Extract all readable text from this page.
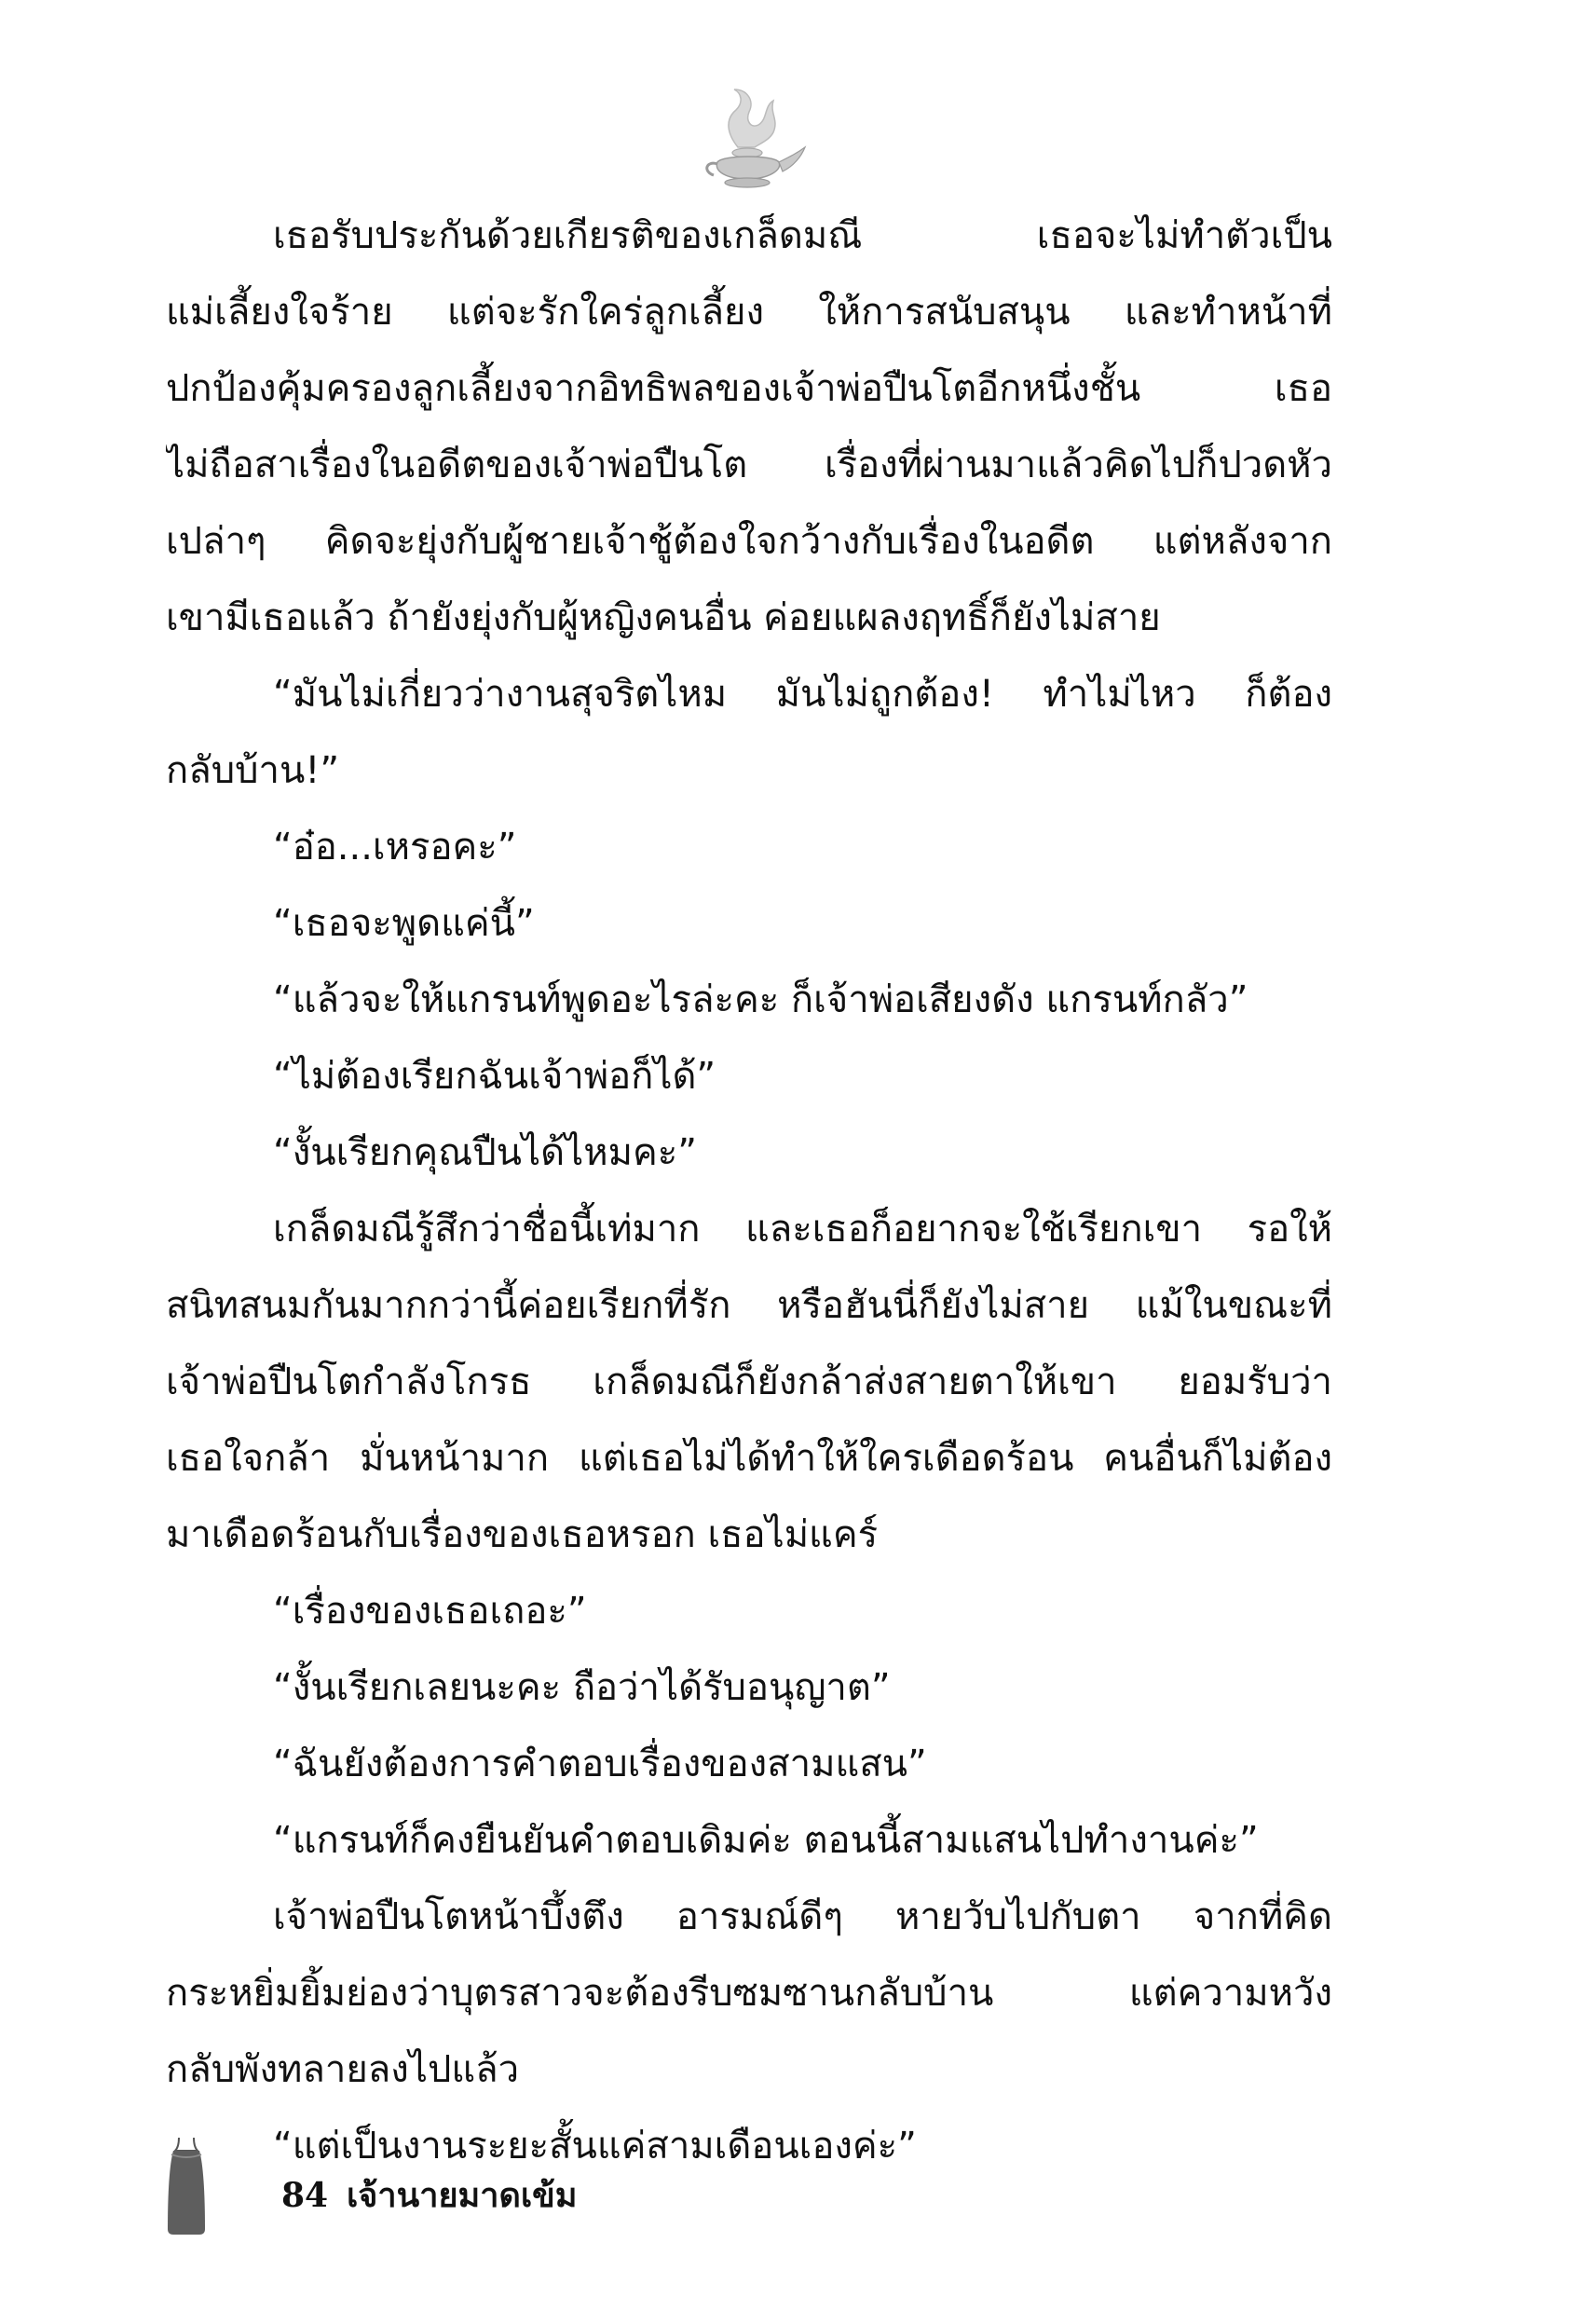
เธอรับประกันด้วยเกียรติของเกล็ดมณี เธอจะไม่ทำตัวเป็น
แม่เลี้ยงใจร้าย แต่จะรักใคร่ลูกเลี้ยง ให้การสนับสนุน และทำหน้าที่
ปกป้องคุ้มครองลูกเลี้ยงจากอิทธิพลของเจ้าพ่อปืนโตอีกหนึ่งชั้น เธอ
ไม่ถือสาเรื่องในอดีตของเจ้าพ่อปืนโต เรื่องที่ผ่านมาแล้วคิดไปก็ปวดหัว
เปล่าๆ คิดจะยุ่งกับผู้ชายเจ้าชู้ต้องใจกว้างกับเรื่องในอดีต แต่หลังจาก
เขามีเธอแล้ว ถ้ายังยุ่งกับผู้หญิงคนอื่น ค่อยแผลงฤทธิ์ก็ยังไม่สาย
“มันไม่เกี่ยวว่างานสุจริตไหม มันไม่ถูกต้อง! ทำไม่ไหว ก็ต้อง
กลับบ้าน!”
“อ๋อ...เหรอคะ”
“เธอจะพูดแค่นี้”
“แล้วจะให้แกรนท์พูดอะไรล่ะคะ ก็เจ้าพ่อเสียงดัง แกรนท์กลัว”
“ไม่ต้องเรียกฉันเจ้าพ่อก็ได้”
“งั้นเรียกคุณปืนได้ไหมคะ”
เกล็ดมณีรู้สึกว่าชื่อนี้เท่มาก และเธอก็อยากจะใช้เรียกเขา รอให้
สนิทสนมกันมากกว่านี้ค่อยเรียกที่รัก หรือฮันนี่ก็ยังไม่สาย แม้ในขณะที่
เจ้าพ่อปืนโตกำลังโกรธ เกล็ดมณีก็ยังกล้าส่งสายตาให้เขา ยอมรับว่า
เธอใจกล้า มั่นหน้ามาก แต่เธอไม่ได้ทำให้ใครเดือดร้อน คนอื่นก็ไม่ต้อง
มาเดือดร้อนกับเรื่องของเธอหรอก เธอไม่แคร์
“เรื่องของเธอเถอะ”
“งั้นเรียกเลยนะคะ ถือว่าได้รับอนุญาต”
“ฉันยังต้องการคำตอบเรื่องของสามแสน”
“แกรนท์ก็คงยืนยันคำตอบเดิมค่ะ ตอนนี้สามแสนไปทำงานค่ะ”
เจ้าพ่อปืนโตหน้าบึ้งตึง อารมณ์ดีๆ หายวับไปกับตา จากที่คิด
กระหยิ่มยิ้มย่องว่าบุตรสาวจะต้องรีบซมซานกลับบ้าน แต่ความหวัง
กลับพังทลายลงไปแล้ว
“แต่เป็นงานระยะสั้นแค่สามเดือนเองค่ะ”
84 เจ้านายมาดเข้ม
